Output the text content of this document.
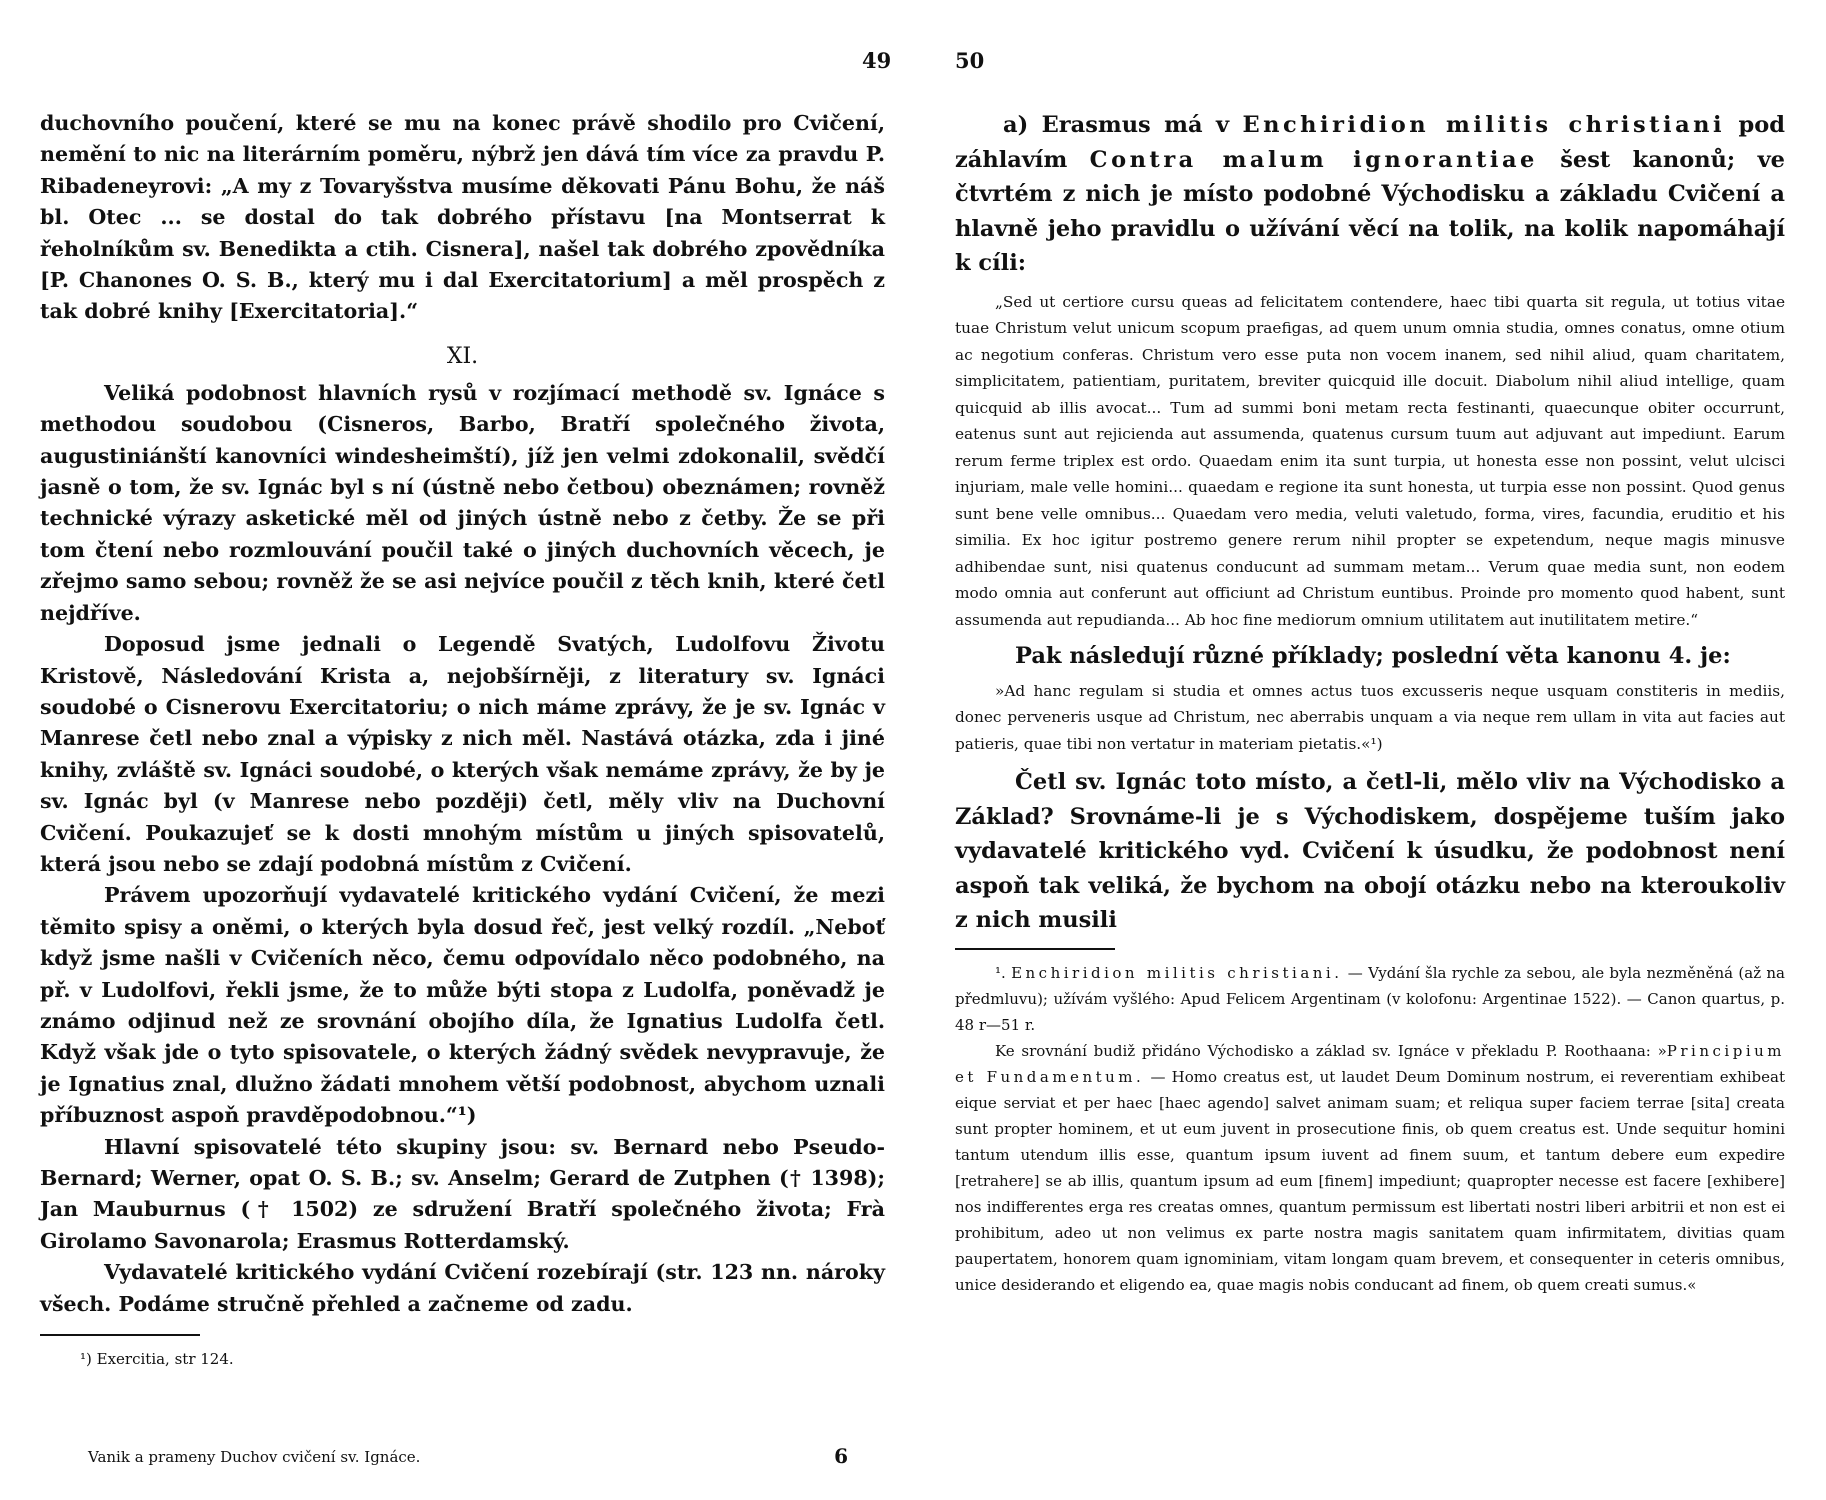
49

duchovního poučení, které se mu na konec právě shodilo pro Cvičení, nemění to nic na literárním poměru, nýbrž jen dává tím více za pravdu P. Ribadeneyrovi: „A my z Tovaryšstva musíme děkovati Pánu Bohu, že náš bl. Otec ... se dostal do tak dobrého přístavu [na Montserrat k řeholníkům sv. Benedikta a ctih. Cisnera], našel tak dobrého zpovědníka [P. Chanones O. S. B., který mu i dal Exercitatorium] a měl prospěch z tak dobré knihy [Exercitatoria].“

XI.

Veliká podobnost hlavních rysů v rozjímací methodě sv. Ignáce s methodou soudobou (Cisneros, Barbo, Bratří společného života, augustiniánští kanovníci windesheimští), jíž jen velmi zdokonalil, svědčí jasně o tom, že sv. Ignác byl s ní (ústně nebo četbou) obeznámen; rovněž technické výrazy asketické měl od jiných ústně nebo z četby. Že se při tom čtení nebo rozmlouvání poučil také o jiných duchovních věcech, je zřejmo samo sebou; rovněž že se asi nejvíce poučil z těch knih, které četl nejdříve.

Doposud jsme jednali o Legendě Svatých, Ludolfovu Životu Kristově, Následování Krista a, nejobšírněji, z literatury sv. Ignáci soudobé o Cisnerovu Exercitatoriu; o nich máme zprávy, že je sv. Ignác v Manrese četl nebo znal a výpisky z nich měl. Nastává otázka, zda i jiné knihy, zvláště sv. Ignáci soudobé, o kterých však nemáme zprávy, že by je sv. Ignác byl (v Manrese nebo později) četl, měly vliv na Duchovní Cvičení. Poukazujeť se k dosti mnohým místům u jiných spisovatelů, která jsou nebo se zdají podobná místům z Cvičení.

Právem upozorňují vydavatelé kritického vydání Cvičení, že mezi těmito spisy a oněmi, o kterých byla dosud řeč, jest velký rozdíl. „Neboť když jsme našli v Cvičeních něco, čemu odpovídalo něco podobného, na př. v Ludolfovi, řekli jsme, že to může býti stopa z Ludolfa, poněvadž je známo odjinud než ze srovnání obojího díla, že Ignatius Ludolfa četl. Když však jde o tyto spisovatele, o kterých žádný svědek nevypravuje, že je Ignatius znal, dlužno žádati mnohem větší podobnost, abychom uznali příbuznost aspoň pravděpodobnou.“¹)

Hlavní spisovatelé této skupiny jsou: sv. Bernard nebo Pseudo-Bernard; Werner, opat O. S. B.; sv. Anselm; Gerard de Zutphen († 1398); Jan Mauburnus († 1502) ze sdružení Bratří společného života; Frà Girolamo Savonarola; Erasmus Rotterdamský.

Vydavatelé kritického vydání Cvičení rozebírají (str. 123 nn. nároky všech. Podáme stručně přehled a začneme od zadu.

¹) Exercitia, str 124.

Vanik a prameny Duchov cvičení sv. Ignáce.	6
50

a) Erasmus má v Enchiridion militis christiani pod záhlavím Contra malum ignorantiae šest kanonů; ve čtvrtém z nich je místo podobné Východisku a základu Cvičení a hlavně jeho pravidlu o užívání věcí na tolik, na kolik napomáhají k cíli:

„Sed ut certiore cursu queas ad felicitatem contendere, haec tibi quarta sit regula, ut totius vitae tuae Christum velut unicum scopum praefigas, ad quem unum omnia studia, omnes conatus, omne otium ac negotium conferas. Christum vero esse puta non vocem inanem, sed nihil aliud, quam charitatem, simplicitatem, patientiam, puritatem, breviter quicquid ille docuit. Diabolum nihil aliud intellige, quam quicquid ab illis avocat... Tum ad summi boni metam recta festinanti, quaecunque obiter occurrunt, eatenus sunt aut rejicienda aut assumenda, quatenus cursum tuum aut adjuvant aut impediunt. Earum rerum ferme triplex est ordo. Quaedam enim ita sunt turpia, ut honesta esse non possint, velut ulcisci injuriam, male velle homini... quaedam e regione ita sunt honesta, ut turpia esse non possint. Quod genus sunt bene velle omnibus... Quaedam vero media, veluti valetudo, forma, vires, facundia, eruditio et his similia. Ex hoc igitur postremo genere rerum nihil propter se expetendum, neque magis minusve adhibendae sunt, nisi quatenus conducunt ad summam metam... Verum quae media sunt, non eodem modo omnia aut conferunt aut officiunt ad Christum euntibus. Proinde pro momento quod habent, sunt assumenda aut repudianda... Ab hoc fine mediorum omnium utilitatem aut inutilitatem metire.“

Pak následují různé příklady; poslední věta kanonu 4. je:

»Ad hanc regulam si studia et omnes actus tuos excusseris neque usquam constiteris in mediis, donec perveneris usque ad Christum, nec aberrabis unquam a via neque rem ullam in vita aut facies aut patieris, quae tibi non vertatur in materiam pietatis.«¹)

Četl sv. Ignác toto místo, a četl-li, mělo vliv na Východisko a Základ? Srovnáme-li je s Východiskem, dospějeme tuším jako vydavatelé kritického vyd. Cvičení k úsudku, že podobnost není aspoň tak veliká, že bychom na obojí otázku nebo na kteroukoliv z nich musili

¹. Enchiridion militis christiani. — Vydání šla rychle za sebou, ale byla nezměněná (až na předmluvu); užívám vyšlého: Apud Felicem Argentinam (v kolofonu: Argentinae 1522). — Canon quartus, p. 48 r—51 r.

Ke srovnání budiž přidáno Východisko a základ sv. Ignáce v překladu P. Roothaana: »Principium et Fundamentum. — Homo creatus est, ut laudet Deum Dominum nostrum, ei reverentiam exhibeat eique serviat et per haec [haec agendo] salvet animam suam; et reliqua super faciem terrae [sita] creata sunt propter hominem, et ut eum juvent in prosecutione finis, ob quem creatus est. Unde sequitur homini tantum utendum illis esse, quantum ipsum iuvent ad finem suum, et tantum debere eum expedire [retrahere] se ab illis, quantum ipsum ad eum [finem] impediunt; quapropter necesse est facere [exhibere] nos indifferentes erga res creatas omnes, quantum permissum est libertati nostri liberi arbitrii et non est ei prohibitum, adeo ut non velimus ex parte nostra magis sanitatem quam infirmitatem, divitias quam paupertatem, honorem quam ignominiam, vitam longam quam brevem, et consequenter in ceteris omnibus, unice desiderando et eligendo ea, quae magis nobis conducant ad finem, ob quem creati sumus.«
